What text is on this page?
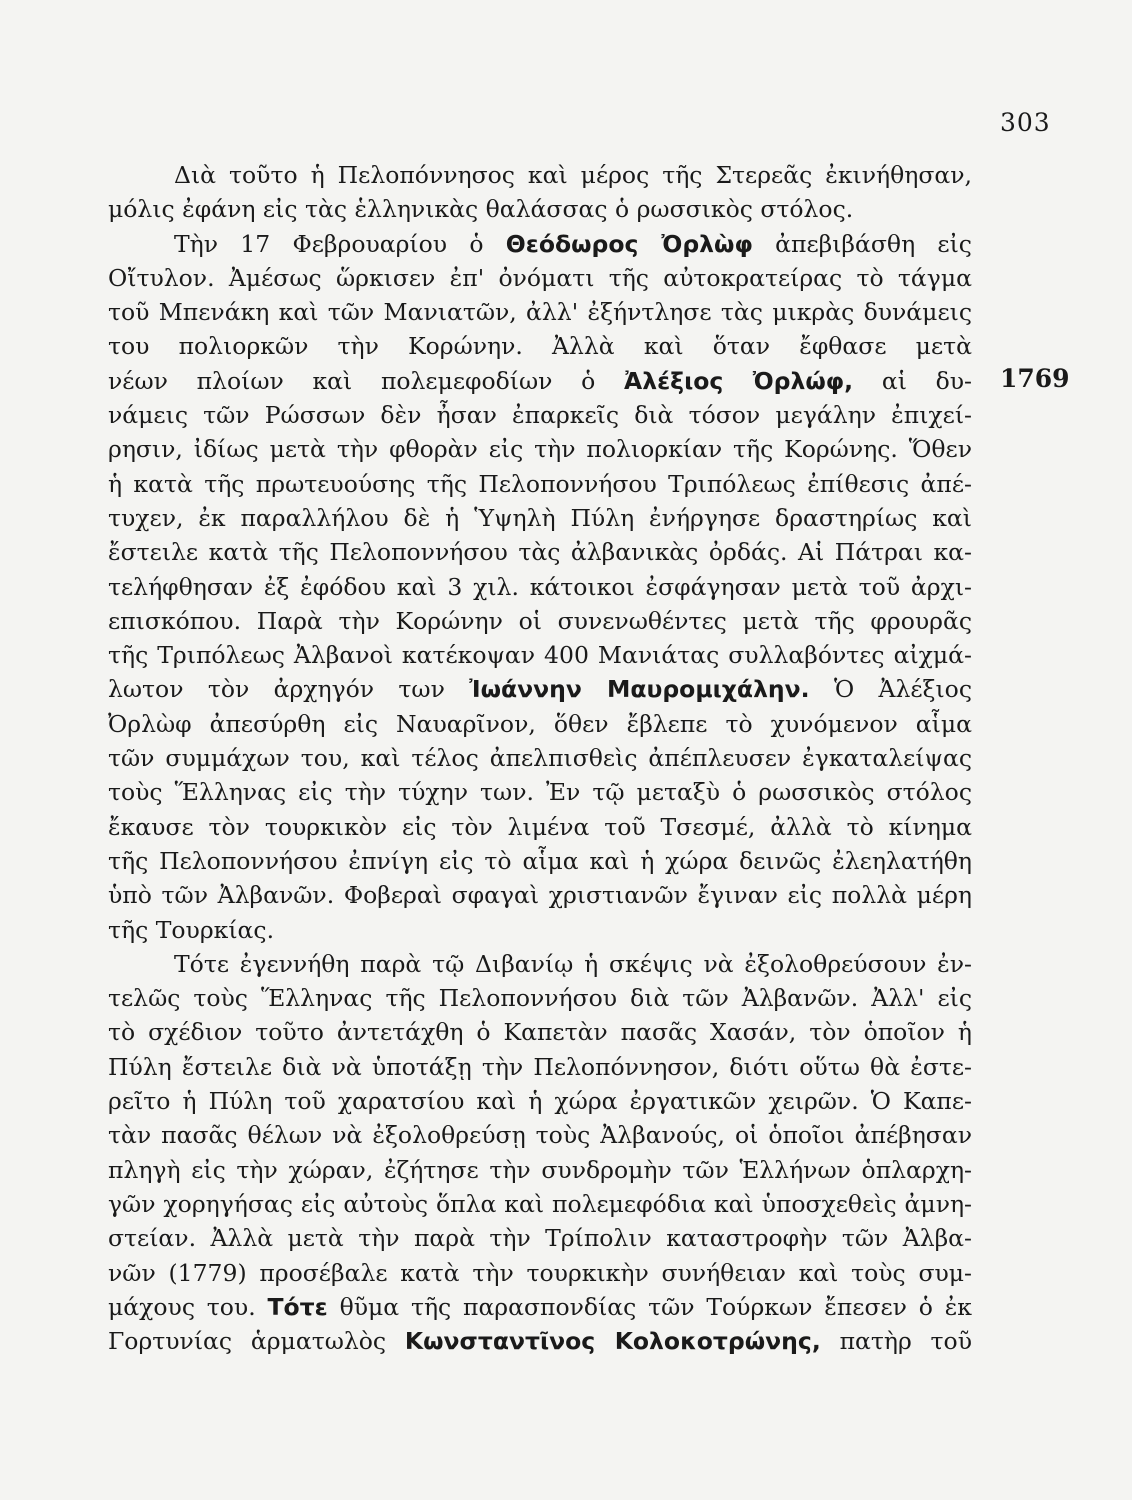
303
1769
Διὰ τοῦτο ἡ Πελοπόννησος καὶ μέρος τῆς Στερεᾶς ἐκινήθησαν,
μόλις ἐφάνη εἰς τὰς ἑλληνικὰς θαλάσσας ὁ ρωσσικὸς στόλος.
Τὴν 17 Φεβρουαρίου ὁ Θεόδωρος Ὀρλὼφ ἀπεβιβάσθη εἰς
Οἴτυλον. Ἀμέσως ὥρκισεν ἐπ' ὀνόματι τῆς αὐτοκρατείρας τὸ τάγμα
τοῦ Μπενάκη καὶ τῶν Μανιατῶν, ἀλλ' ἐξήντλησε τὰς μικρὰς δυνάμεις
του πολιορκῶν τὴν Κορώνην. Ἀλλὰ καὶ ὅταν ἔφθασε μετὰ
νέων πλοίων καὶ πολεμεφοδίων ὁ Ἀλέξιος Ὀρλώφ, αἱ δυ-
νάμεις τῶν Ρώσσων δὲν ἦσαν ἐπαρκεῖς διὰ τόσον μεγάλην ἐπιχεί-
ρησιν, ἰδίως μετὰ τὴν φθορὰν εἰς τὴν πολιορκίαν τῆς Κορώνης. Ὅθεν
ἡ κατὰ τῆς πρωτευούσης τῆς Πελοποννήσου Τριπόλεως ἐπίθεσις ἀπέ-
τυχεν, ἐκ παραλλήλου δὲ ἡ Ὑψηλὴ Πύλη ἐνήργησε δραστηρίως καὶ
ἔστειλε κατὰ τῆς Πελοποννήσου τὰς ἀλβανικὰς ὀρδάς. Αἱ Πάτραι κα-
τελήφθησαν ἐξ ἐφόδου καὶ 3 χιλ. κάτοικοι ἐσφάγησαν μετὰ τοῦ ἀρχι-
επισκόπου. Παρὰ τὴν Κορώνην οἱ συνενωθέντες μετὰ τῆς φρουρᾶς
τῆς Τριπόλεως Ἀλβανοὶ κατέκοψαν 400 Μανιάτας συλλαβόντες αἰχμά-
λωτον τὸν ἀρχηγόν των Ἰωάννην Μαυρομιχάλην. Ὁ Ἀλέξιος
Ὀρλὼφ ἀπεσύρθη εἰς Ναυαρῖνον, ὅθεν ἔβλεπε τὸ χυνόμενον αἷμα
τῶν συμμάχων του, καὶ τέλος ἀπελπισθεὶς ἀπέπλευσεν ἐγκαταλείψας
τοὺς Ἕλληνας εἰς τὴν τύχην των. Ἐν τῷ μεταξὺ ὁ ρωσσικὸς στόλος
ἔκαυσε τὸν τουρκικὸν εἰς τὸν λιμένα τοῦ Τσεσμέ, ἀλλὰ τὸ κίνημα
τῆς Πελοποννήσου ἐπνίγη εἰς τὸ αἷμα καὶ ἡ χώρα δεινῶς ἐλεηλατήθη
ὑπὸ τῶν Ἀλβανῶν. Φοβεραὶ σφαγαὶ χριστιανῶν ἔγιναν εἰς πολλὰ μέρη
τῆς Τουρκίας.
Τότε ἐγεννήθη παρὰ τῷ Διβανίῳ ἡ σκέψις νὰ ἐξολοθρεύσουν ἐν-
τελῶς τοὺς Ἕλληνας τῆς Πελοποννήσου διὰ τῶν Ἀλβανῶν. Ἀλλ' εἰς
τὸ σχέδιον τοῦτο ἀντετάχθη ὁ Καπετὰν πασᾶς Χασάν, τὸν ὁποῖον ἡ
Πύλη ἔστειλε διὰ νὰ ὑποτάξῃ τὴν Πελοπόννησον, διότι οὕτω θὰ ἐστε-
ρεῖτο ἡ Πύλη τοῦ χαρατσίου καὶ ἡ χώρα ἐργατικῶν χειρῶν. Ὁ Καπε-
τὰν πασᾶς θέλων νὰ ἐξολοθρεύσῃ τοὺς Ἀλβανούς, οἱ ὁποῖοι ἀπέβησαν
πληγὴ εἰς τὴν χώραν, ἐζήτησε τὴν συνδρομὴν τῶν Ἑλλήνων ὁπλαρχη-
γῶν χορηγήσας εἰς αὐτοὺς ὅπλα καὶ πολεμεφόδια καὶ ὑποσχεθεὶς ἀμνη-
στείαν. Ἀλλὰ μετὰ τὴν παρὰ τὴν Τρίπολιν καταστροφὴν τῶν Ἀλβα-
νῶν (1779) προσέβαλε κατὰ τὴν τουρκικὴν συνήθειαν καὶ τοὺς συμ-
μάχους του. Τότε θῦμα τῆς παρασπονδίας τῶν Τούρκων ἔπεσεν ὁ ἐκ
Γορτυνίας ἁρματωλὸς Κωνσταντῖνος Κολοκοτρώνης, πατὴρ τοῦ
